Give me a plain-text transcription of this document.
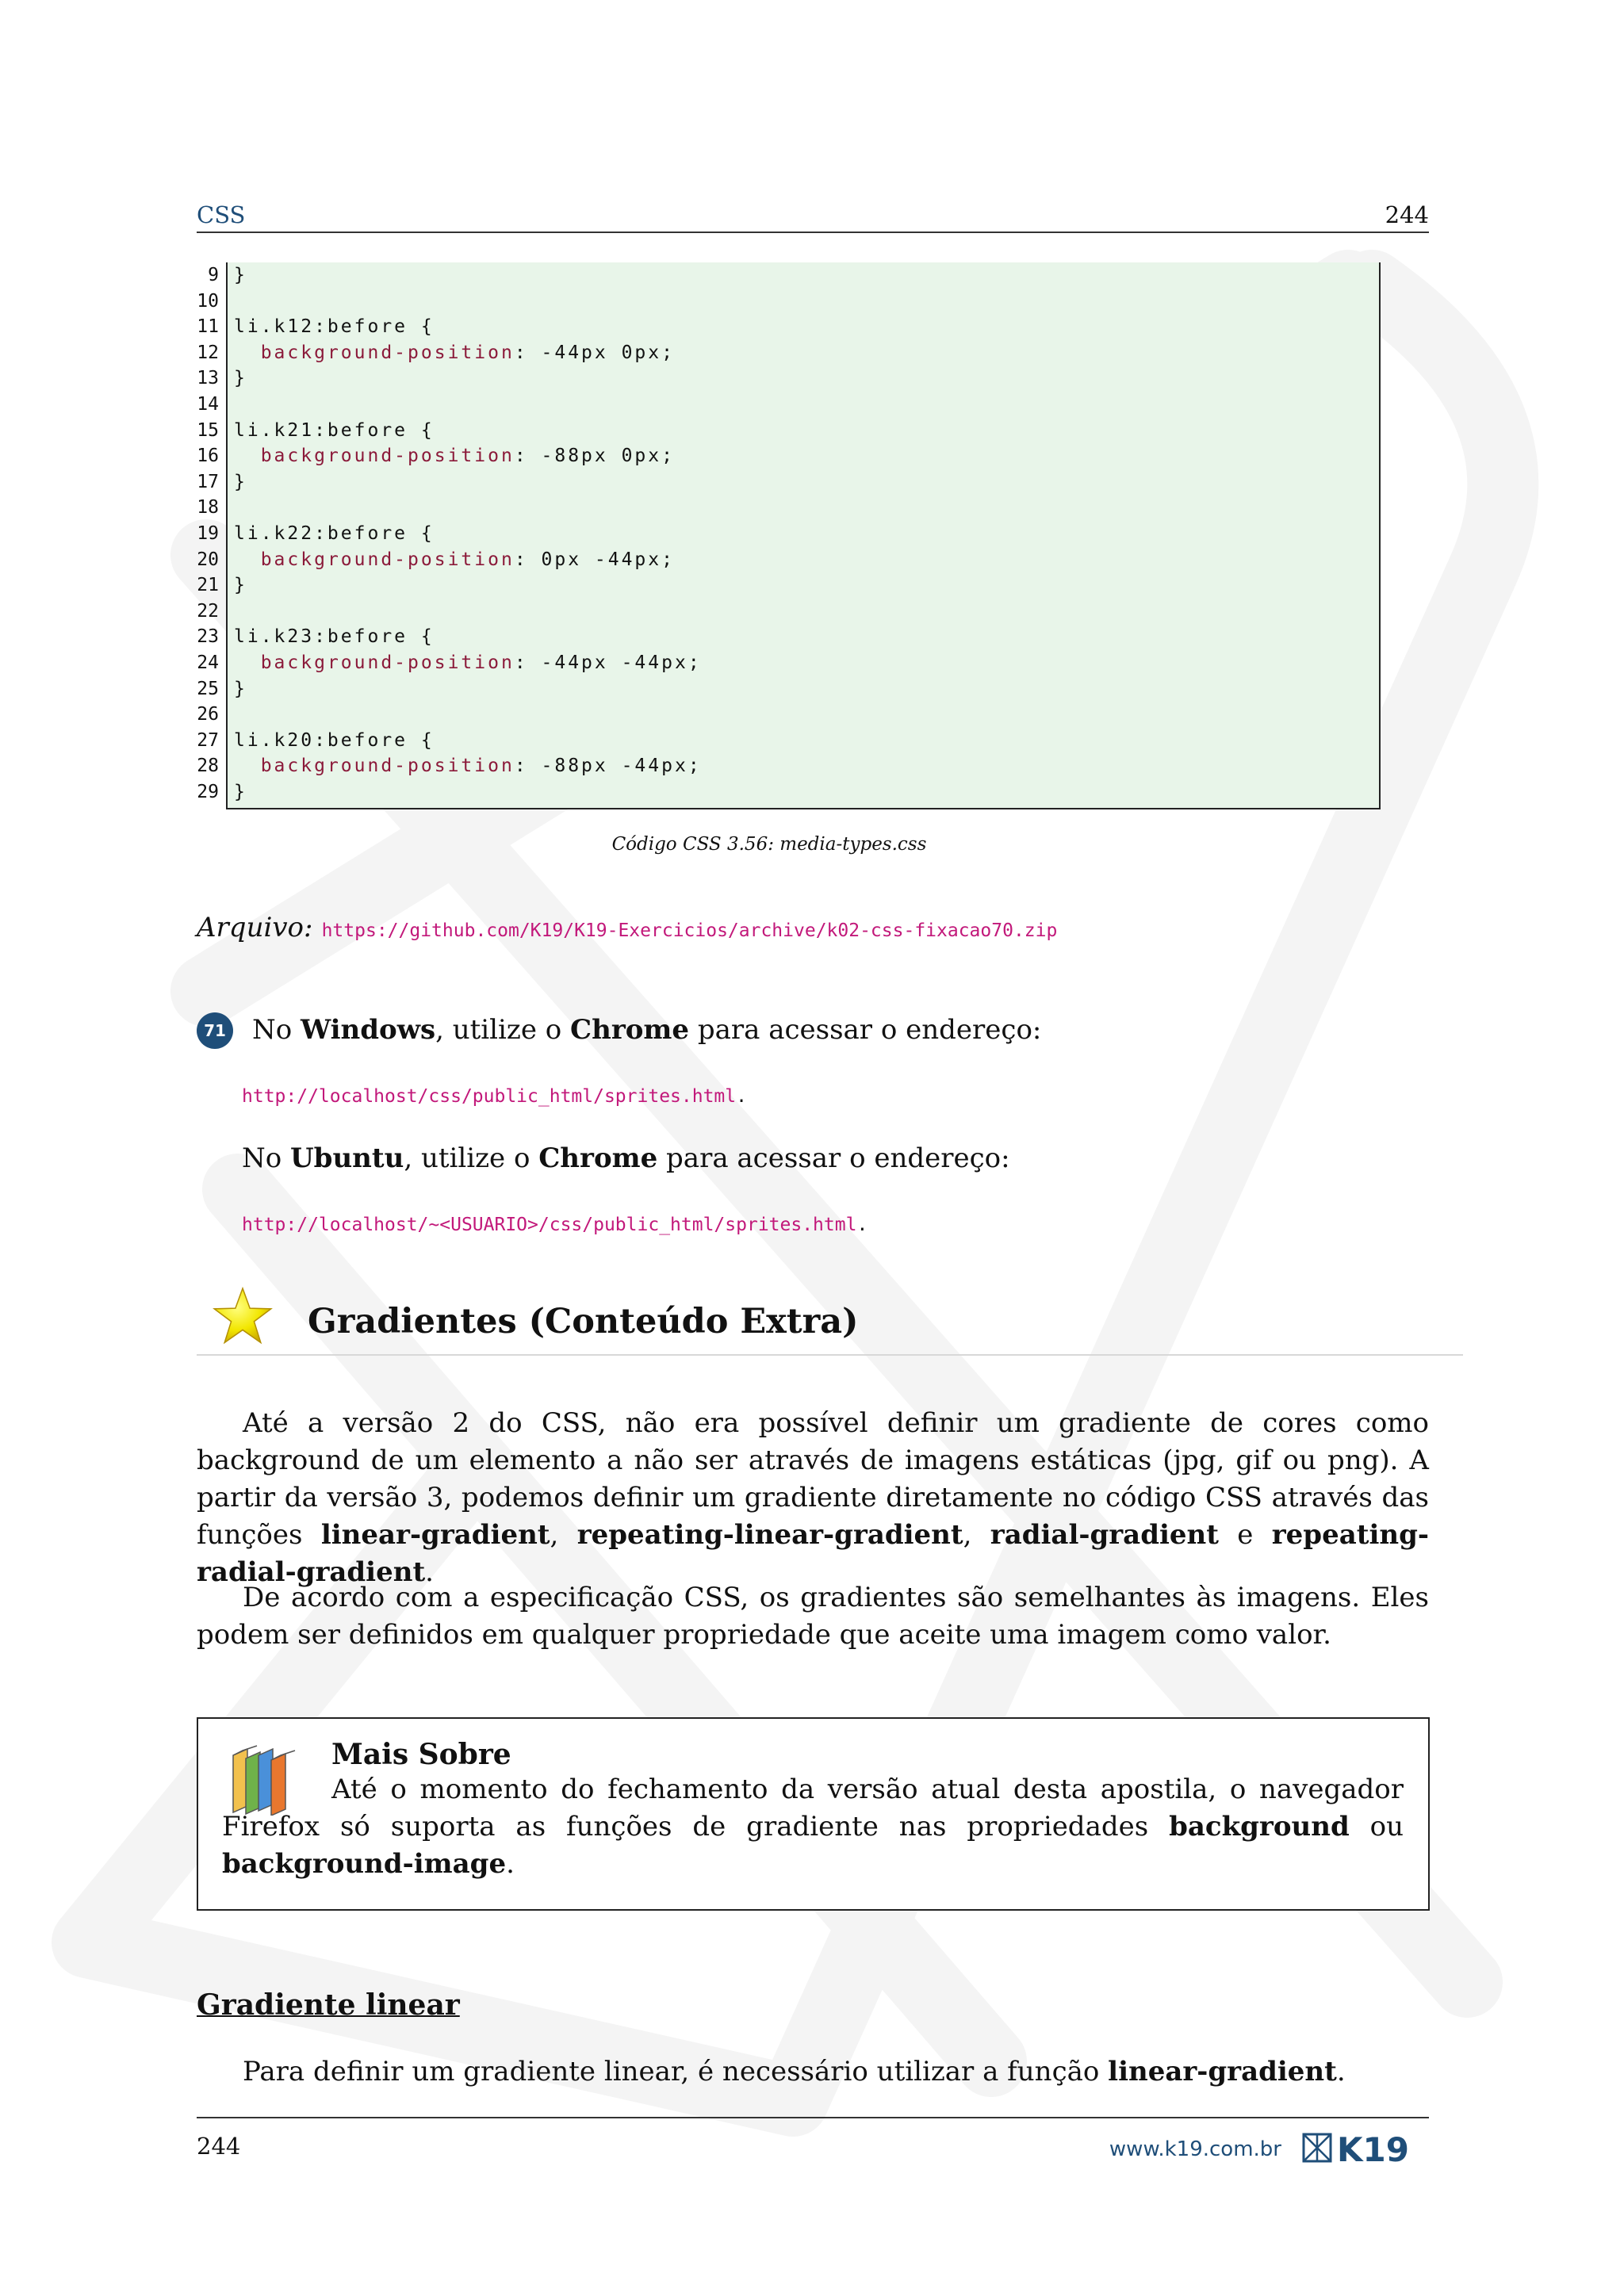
CSS	244
9
10
11
12
13
14
15
16
17
18
19
20
21
22
23
24
25
26
27
28
29
}
li.k12:before {
background-position: -44px 0px;
}
li.k21:before {
background-position: -88px 0px;
}
li.k22:before {
background-position: 0px -44px;
}
li.k23:before {
background-position: -44px -44px;
}
li.k20:before {
background-position: -88px -44px;
}
Código CSS 3.56: media-types.css
Arquivo: https://github.com/K19/K19-Exercicios/archive/k02-css-fixacao70.zip
71 No Windows, utilize o Chrome para acessar o endereço:
http://localhost/css/public_html/sprites.html.
No Ubuntu, utilize o Chrome para acessar o endereço:
http://localhost/~<USUARIO>/css/public_html/sprites.html.
Gradientes (Conteúdo Extra)
Até a versão 2 do CSS, não era possível definir um gradiente de cores como background de um elemento a não ser através de imagens estáticas (jpg, gif ou png). A partir da versão 3, podemos definir um gradiente diretamente no código CSS através das funções linear-gradient, repeating-linear-gradient, radial-gradient e repeating-radial-gradient.
De acordo com a especificação CSS, os gradientes são semelhantes às imagens. Eles podem ser definidos em qualquer propriedade que aceite uma imagem como valor.
Mais Sobre
Até o momento do fechamento da versão atual desta apostila, o navegador Firefox só suporta as funções de gradiente nas propriedades background ou background-image.
Gradiente linear
Para definir um gradiente linear, é necessário utilizar a função linear-gradient.
244	www.k19.com.br K19
